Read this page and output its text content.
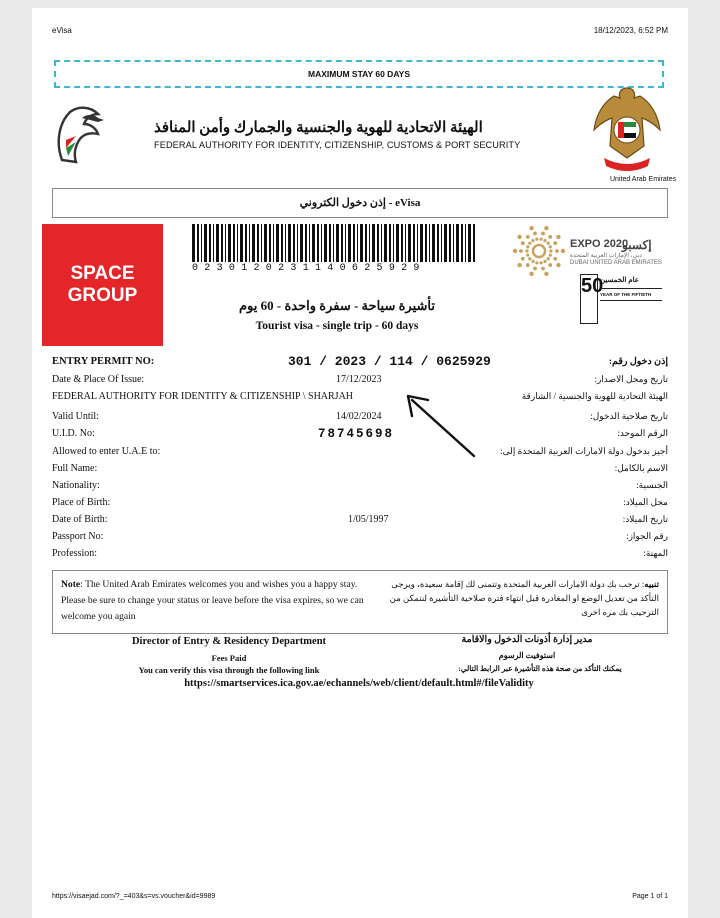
eVisa	18/12/2023, 6:52 PM
MAXIMUM STAY 60 DAYS
الهيئة الاتحادية للهوية والجنسية والجمارك وأمن المنافذ
FEDERAL AUTHORITY FOR IDENTITY, CITIZENSHIP, CUSTOMS & PORT SECURITY
United Arab Emirates
إذن دخول الكتروني - eVisa
SPACE
GROUP
0230120231140625929
EXPO 2020
إكسبو
دبي، الإمارات العربية المتحدة
DUBAI UNITED ARAB EMIRATES
50
عام الخمسين
YEAR OF THE FIFTIETH
تأشيرة سياحة - سفرة واحدة - 60 يوم
Tourist visa - single trip - 60 days
ENTRY PERMIT NO:	301 / 2023 / 114 / 0625929	إذن دخول رقم:
Date & Place Of Issue:	17/12/2023	تاريخ ومحل الاصدار:
FEDERAL AUTHORITY FOR IDENTITY & CITIZENSHIP \ SHARJAH	الهيئة التحادية للهوية والجنسية / الشارقة
Valid Until:	14/02/2024	تاريخ صلاحية الدخول:
U.I.D. No:	78745698	الرقم الموحد:
Allowed to enter U.A.E to:	أجيز بدخول دولة الامارات العربية المتحدة إلى:
Full Name:	الاسم بالكامل:
Nationality:	الجنسية:
Place of Birth:	محل الميلاد:
Date of Birth:	1/05/1997	تاريخ الميلاد:
Passport No:	رقم الجواز:
Profession:	المهنة:
Note: The United Arab Emirates welcomes you and wishes you a happy stay. Please be sure to change your status or leave before the visa expires, so we can welcome you again
تنبيه: ترحب بك دولة الامارات العربية المتحدة وتتمنى لك إقامة سعيدة، ويرجى التأكد من تعديل الوضع او المغادرة قبل انتهاء فترة صلاحية التأشيرة لنتمكن من الترحيب بك مره اخرى
Director of Entry & Residency Department	مدير إدارة أذونات الدخول والاقامة
Fees Paid	استوفيت الرسوم
You can verify this visa through the following link	يمكنك التأكد من صحة هذه التأشيرة عبر الرابط التالي:
https://smartservices.ica.gov.ae/echannels/web/client/default.html#/fileValidity
https://visaejad.com/?_=403&s=vs.voucher&id=9989	Page 1 of 1
